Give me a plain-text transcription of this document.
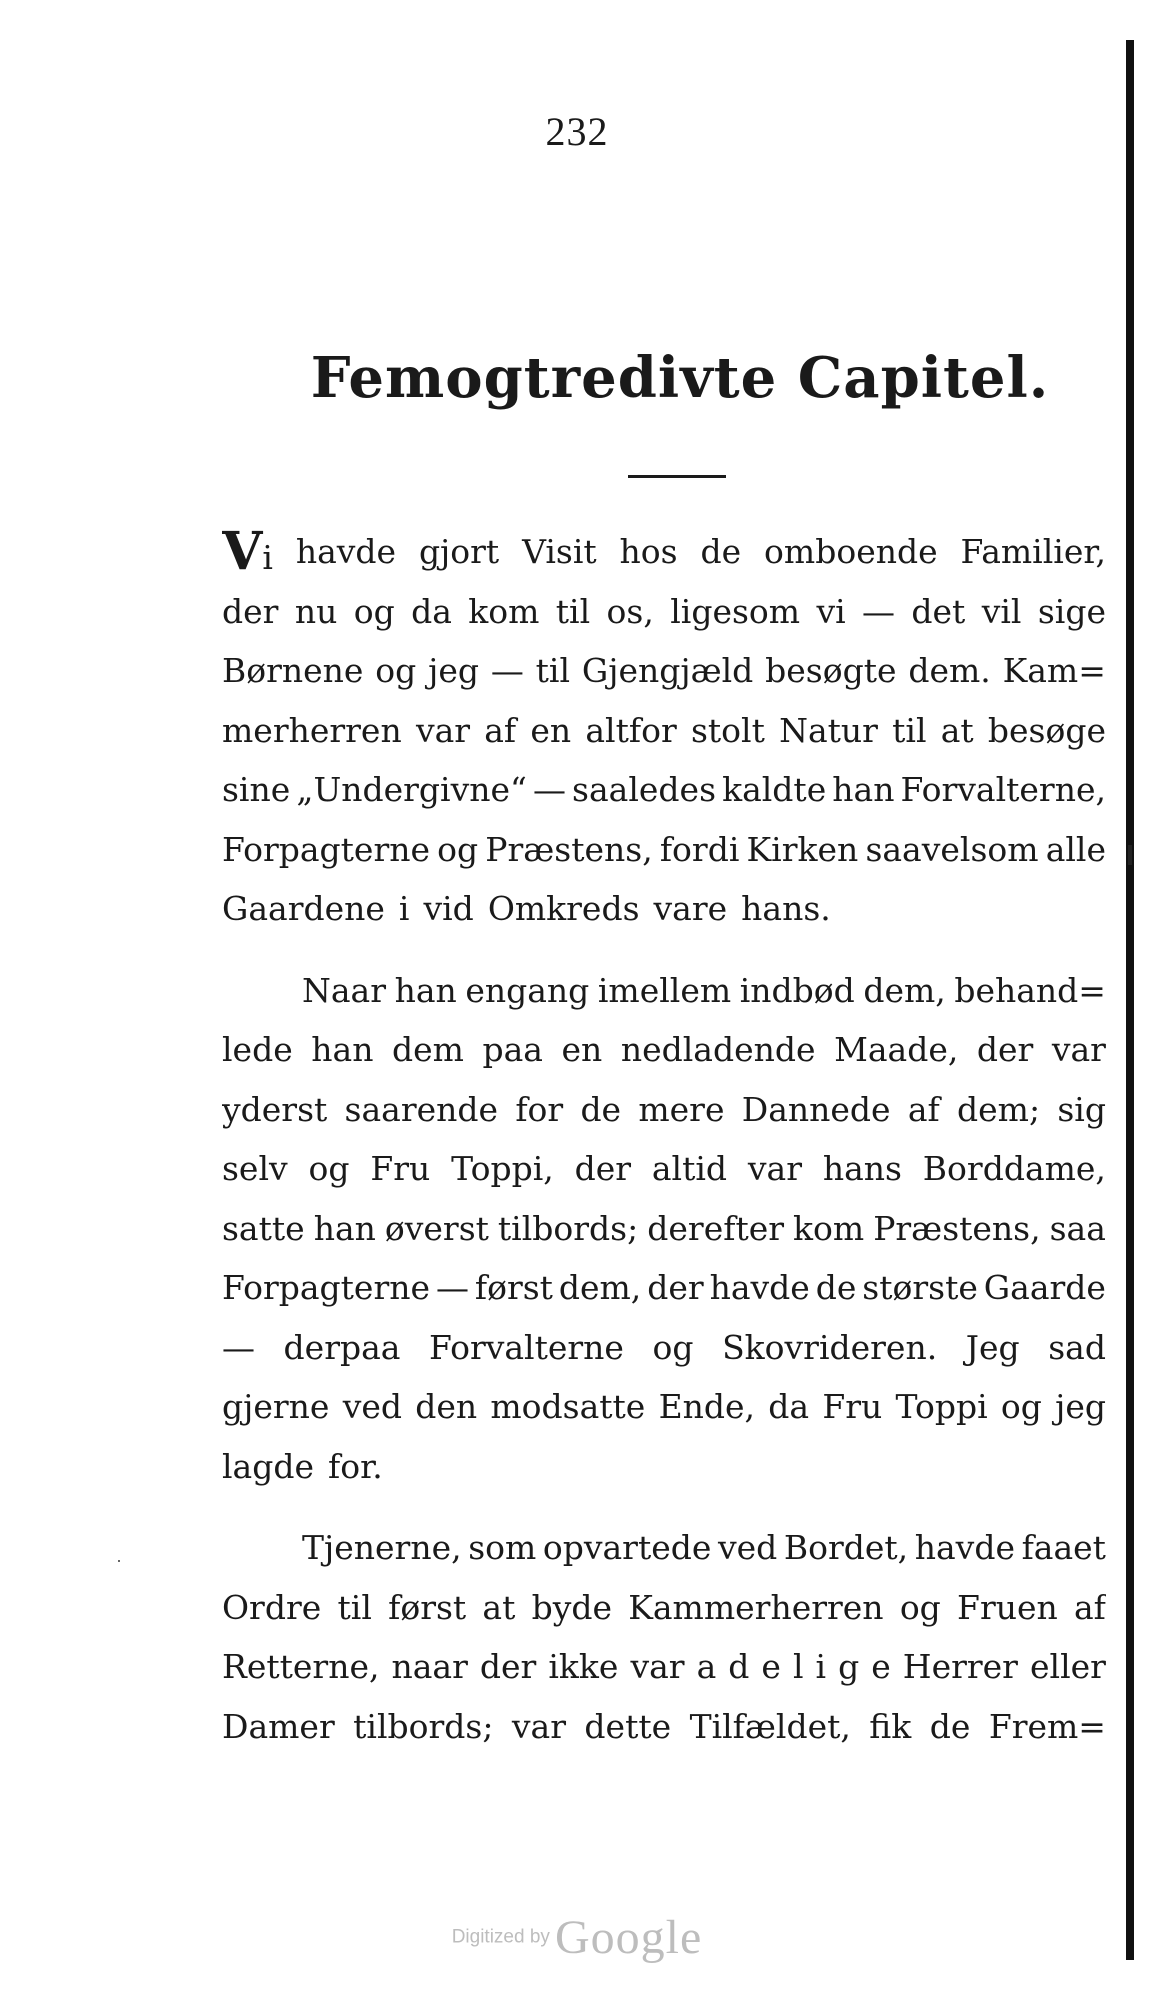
232
Femogtredivte Capitel.
Vi havde gjort Visit hos de omboende Familier,
der nu og da kom til os, ligesom vi — det vil sige
Børnene og jeg — til Gjengjæld besøgte dem. Kam=
merherren var af en altfor stolt Natur til at besøge
sine „Undergivne“ — saaledes kaldte han Forvalterne,
Forpagterne og Præstens, fordi Kirken saavelsom alle
Gaardene i vid Omkreds vare hans.
Naar han engang imellem indbød dem, behand=
lede han dem paa en nedladende Maade, der var
yderst saarende for de mere Dannede af dem; sig
selv og Fru Toppi, der altid var hans Borddame,
satte han øverst tilbords; derefter kom Præstens, saa
Forpagterne — først dem, der havde de største Gaarde
— derpaa Forvalterne og Skovrideren. Jeg sad
gjerne ved den modsatte Ende, da Fru Toppi og jeg
lagde for.
Tjenerne, som opvartede ved Bordet, havde faaet
Ordre til først at byde Kammerherren og Fruen af
Retterne, naar der ikke var a d e l i g e Herrer eller
Damer tilbords; var dette Tilfældet, fik de Frem=
Digitized by Google
